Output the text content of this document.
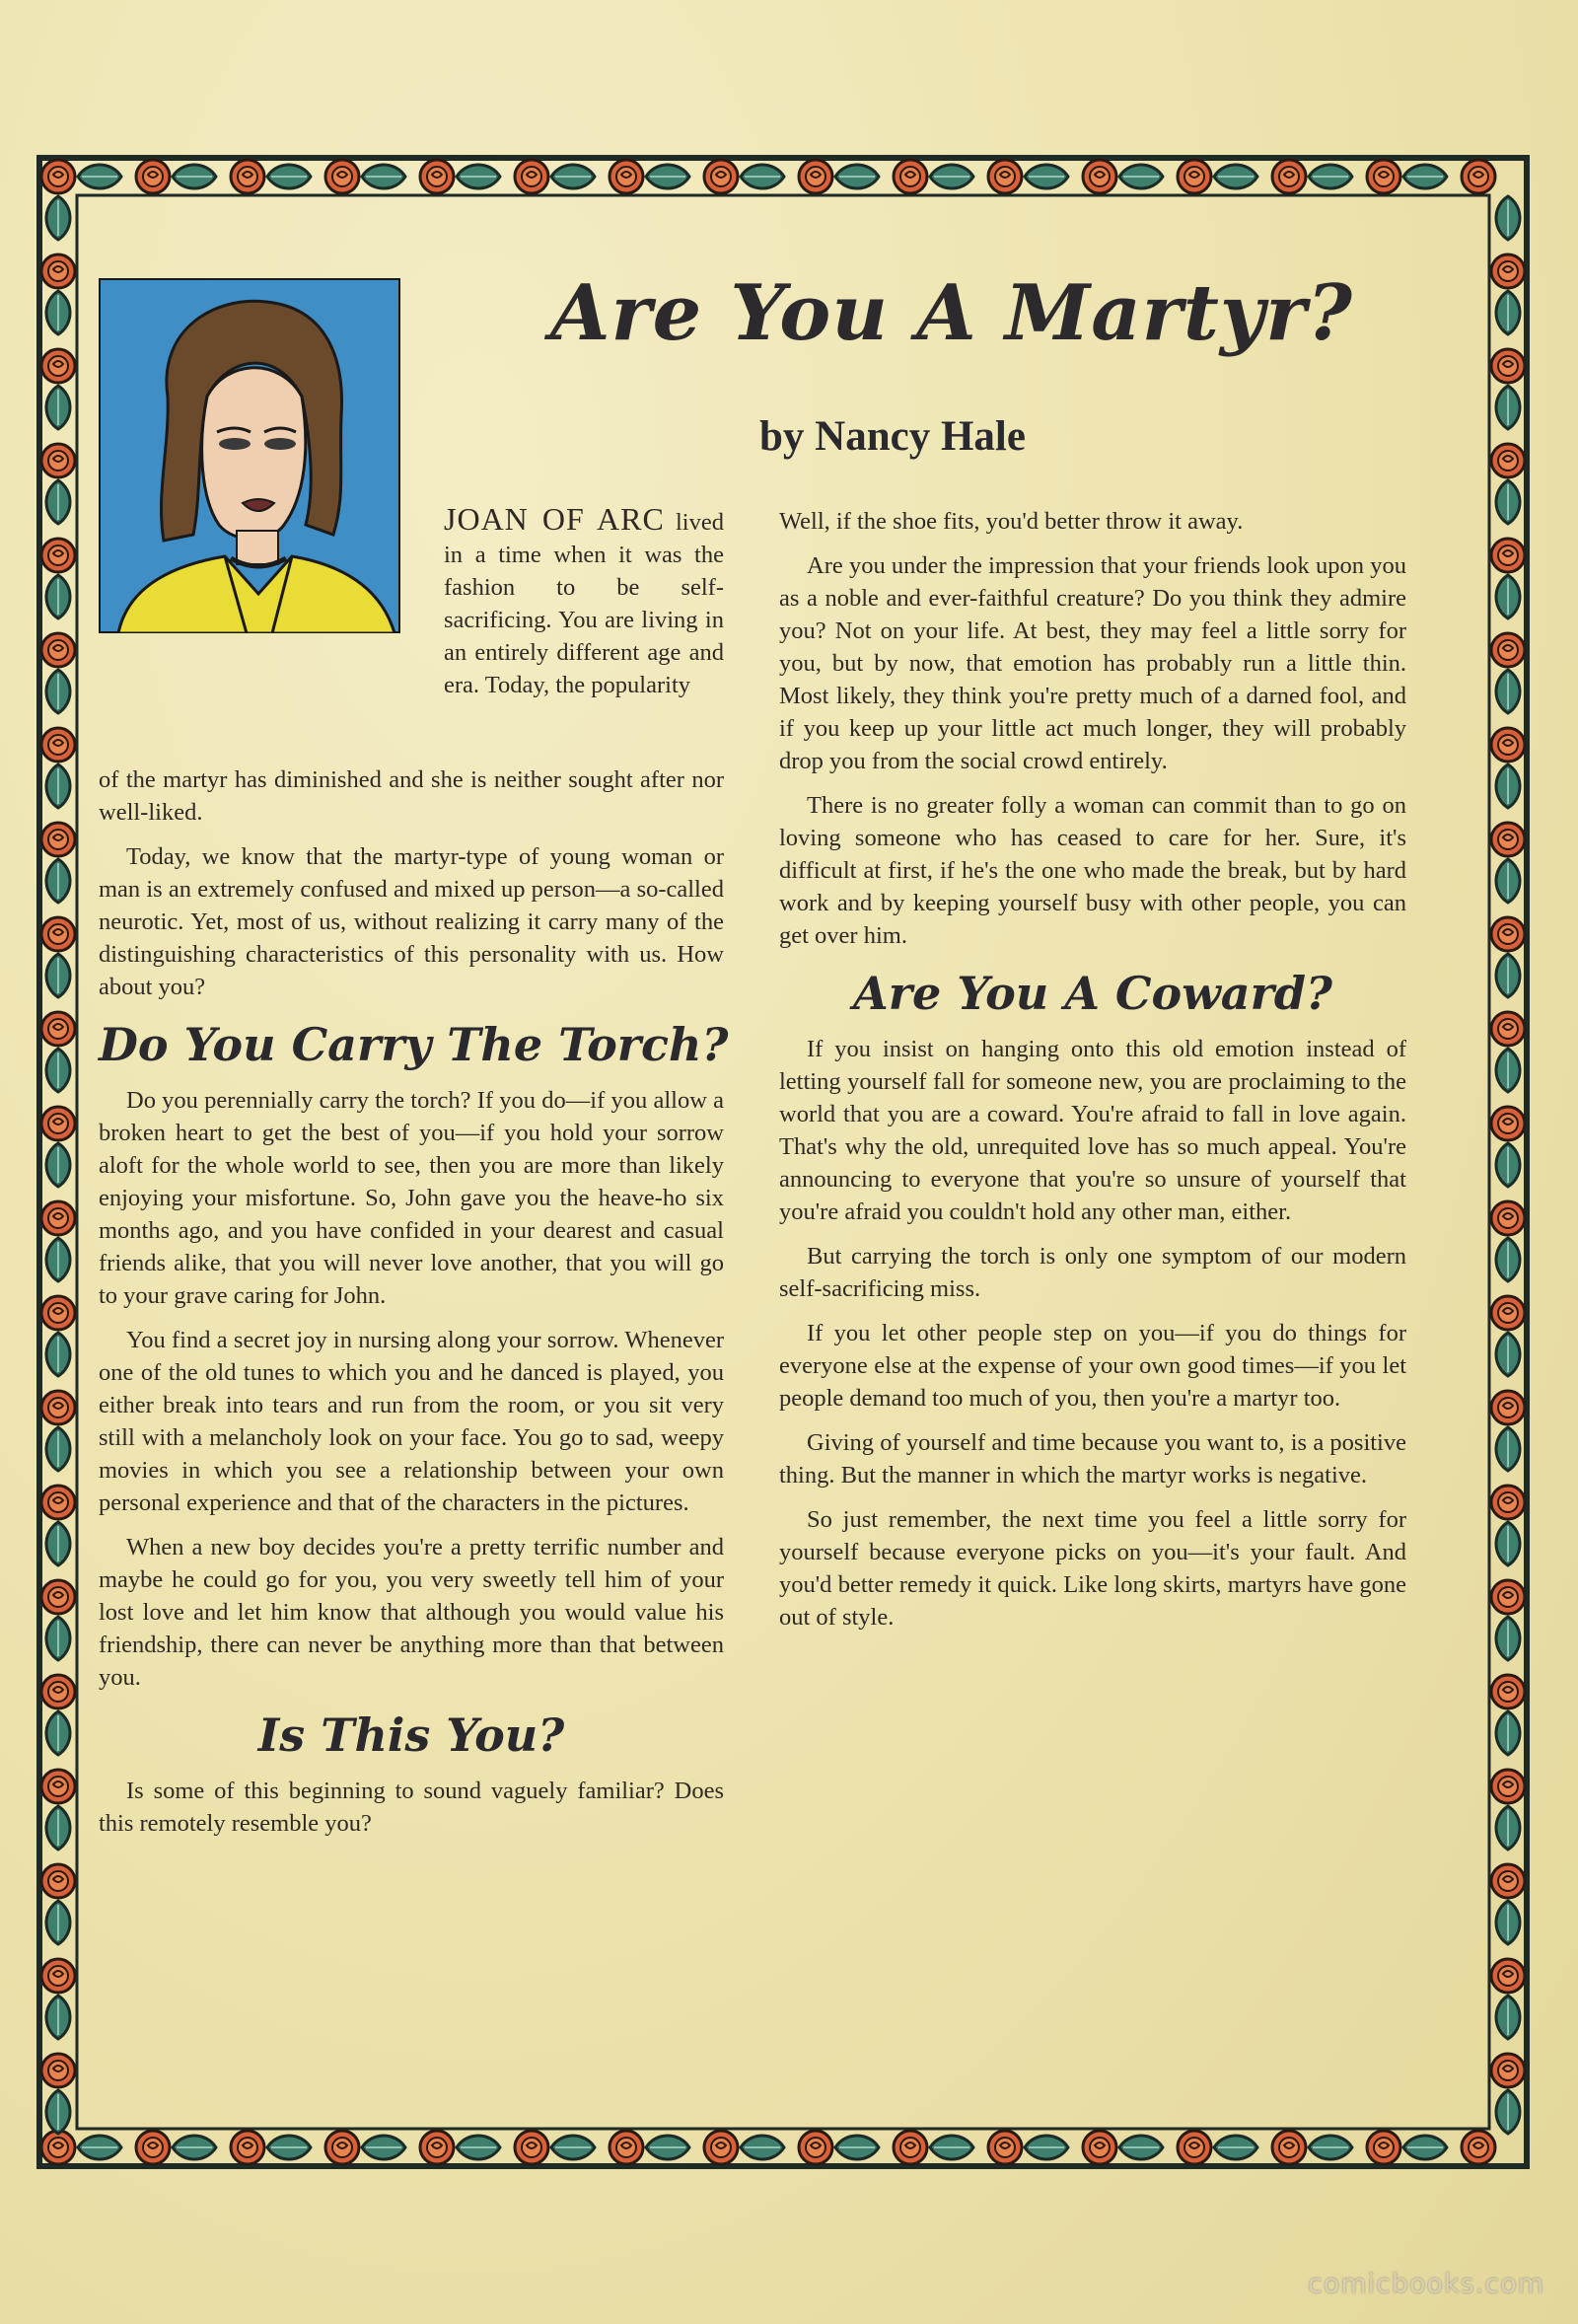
Are You A Martyr?
by Nancy Hale

JOAN OF ARC lived in a time when it was the fashion to be self-sacrificing. You are living in an entirely different age and era. Today, the popularity

of the martyr has diminished and she is neither sought after nor well-liked.

Today, we know that the martyr-type of young woman or man is an extremely confused and mixed up person—a so-called neurotic. Yet, most of us, without realizing it carry many of the distinguishing characteristics of this personality with us. How about you?

Do You Carry The Torch?

Do you perennially carry the torch? If you do—if you allow a broken heart to get the best of you—if you hold your sorrow aloft for the whole world to see, then you are more than likely enjoying your misfortune. So, John gave you the heave-ho six months ago, and you have confided in your dearest and casual friends alike, that you will never love another, that you will go to your grave caring for John.

You find a secret joy in nursing along your sorrow. Whenever one of the old tunes to which you and he danced is played, you either break into tears and run from the room, or you sit very still with a melancholy look on your face. You go to sad, weepy movies in which you see a relationship between your own personal experience and that of the characters in the pictures.

When a new boy decides you're a pretty terrific number and maybe he could go for you, you very sweetly tell him of your lost love and let him know that although you would value his friendship, there can never be anything more than that between you.

Is This You?

Is some of this beginning to sound vaguely familiar? Does this remotely resemble you?

Well, if the shoe fits, you'd better throw it away.

Are you under the impression that your friends look upon you as a noble and ever-faithful creature? Do you think they admire you? Not on your life. At best, they may feel a little sorry for you, but by now, that emotion has probably run a little thin. Most likely, they think you're pretty much of a darned fool, and if you keep up your little act much longer, they will probably drop you from the social crowd entirely.

There is no greater folly a woman can commit than to go on loving someone who has ceased to care for her. Sure, it's difficult at first, if he's the one who made the break, but by hard work and by keeping yourself busy with other people, you can get over him.

Are You A Coward?

If you insist on hanging onto this old emotion instead of letting yourself fall for someone new, you are proclaiming to the world that you are a coward. You're afraid to fall in love again. That's why the old, unrequited love has so much appeal. You're announcing to everyone that you're so unsure of yourself that you're afraid you couldn't hold any other man, either.

But carrying the torch is only one symptom of our modern self-sacrificing miss.

If you let other people step on you—if you do things for everyone else at the expense of your own good times—if you let people demand too much of you, then you're a martyr too.

Giving of yourself and time because you want to, is a positive thing. But the manner in which the martyr works is negative.

So just remember, the next time you feel a little sorry for yourself because everyone picks on you—it's your fault. And you'd better remedy it quick. Like long skirts, martyrs have gone out of style.

comicbooks.com
